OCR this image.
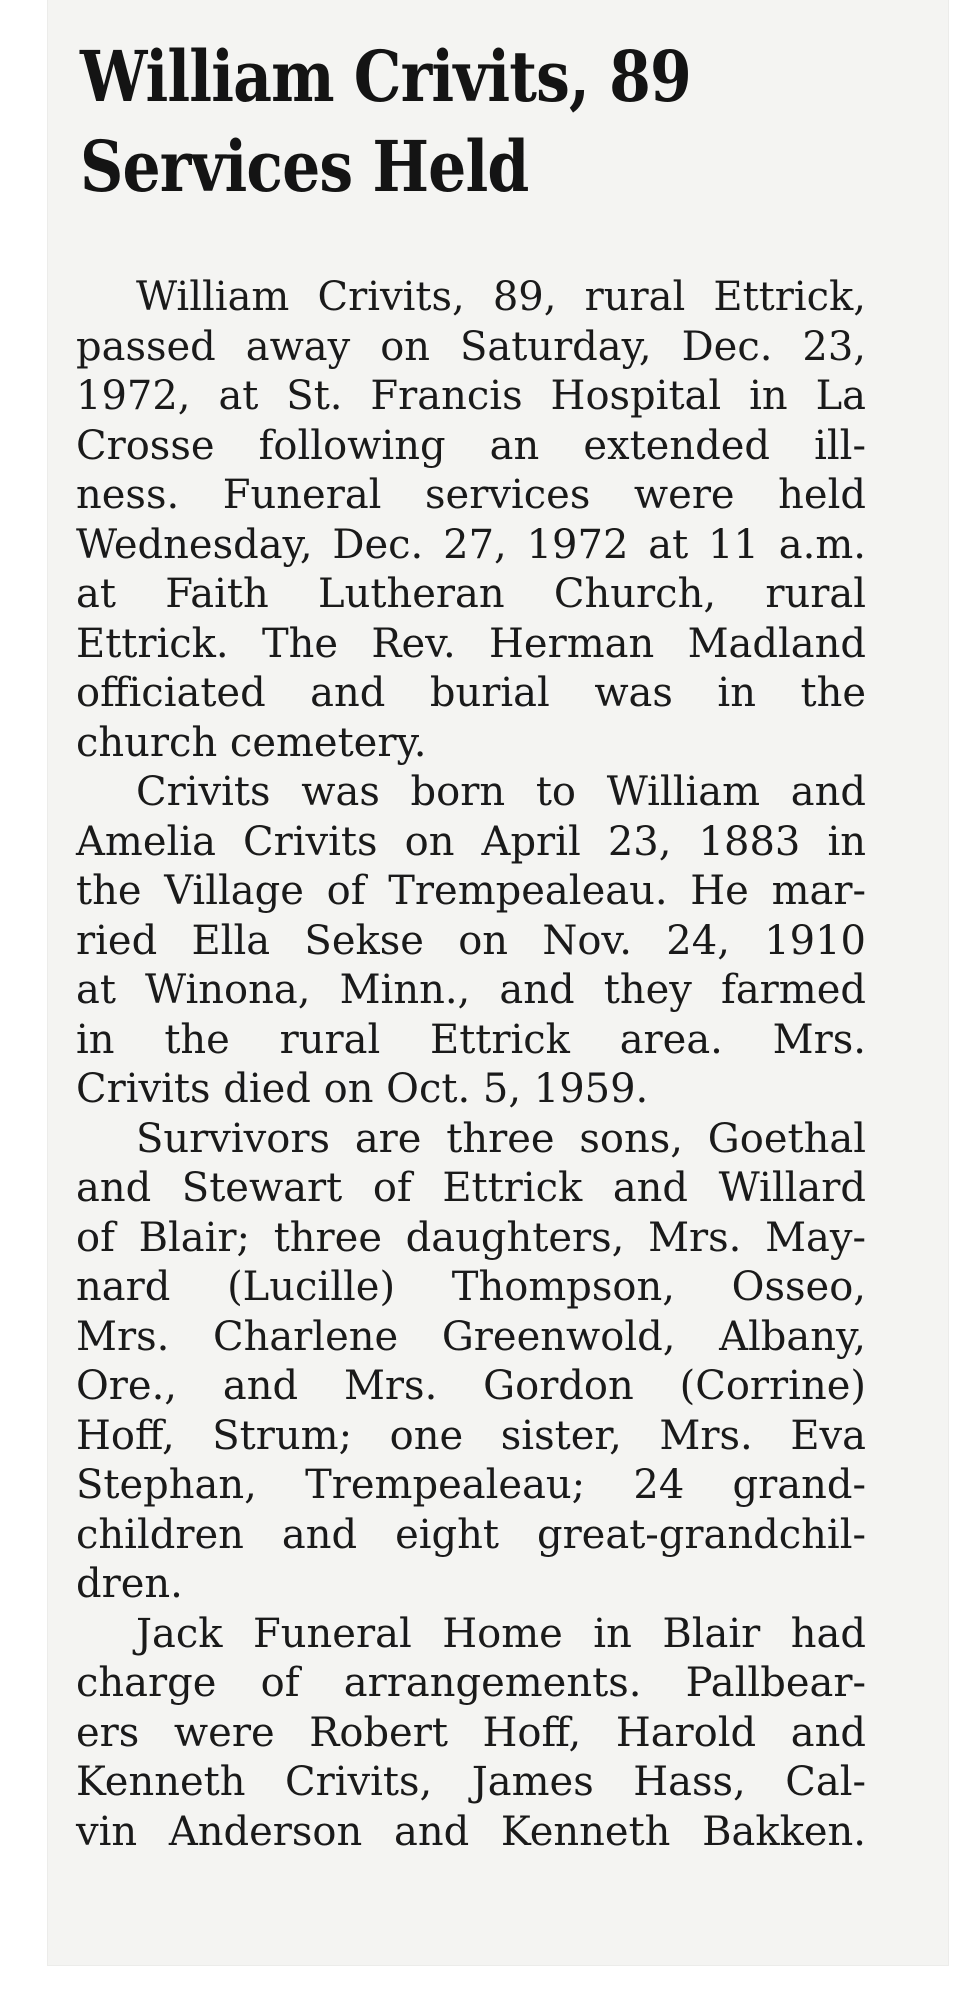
William Crivits, 89
Services Held

William Crivits, 89, rural Ettrick,
passed away on Saturday, Dec. 23,
1972, at St. Francis Hospital in La
Crosse following an extended ill-
ness. Funeral services were held
Wednesday, Dec. 27, 1972 at 11 a.m.
at Faith Lutheran Church, rural
Ettrick. The Rev. Herman Madland
officiated and burial was in the
church cemetery.

Crivits was born to William and
Amelia Crivits on April 23, 1883 in
the Village of Trempealeau. He mar-
ried Ella Sekse on Nov. 24, 1910
at Winona, Minn., and they farmed
in the rural Ettrick area. Mrs.
Crivits died on Oct. 5, 1959.

Survivors are three sons, Goethal
and Stewart of Ettrick and Willard
of Blair; three daughters, Mrs. May-
nard (Lucille) Thompson, Osseo,
Mrs. Charlene Greenwold, Albany,
Ore., and Mrs. Gordon (Corrine)
Hoff, Strum; one sister, Mrs. Eva
Stephan, Trempealeau; 24 grand-
children and eight great-grandchil-
dren.

Jack Funeral Home in Blair had
charge of arrangements. Pallbear-
ers were Robert Hoff, Harold and
Kenneth Crivits, James Hass, Cal-
vin Anderson and Kenneth Bakken.
